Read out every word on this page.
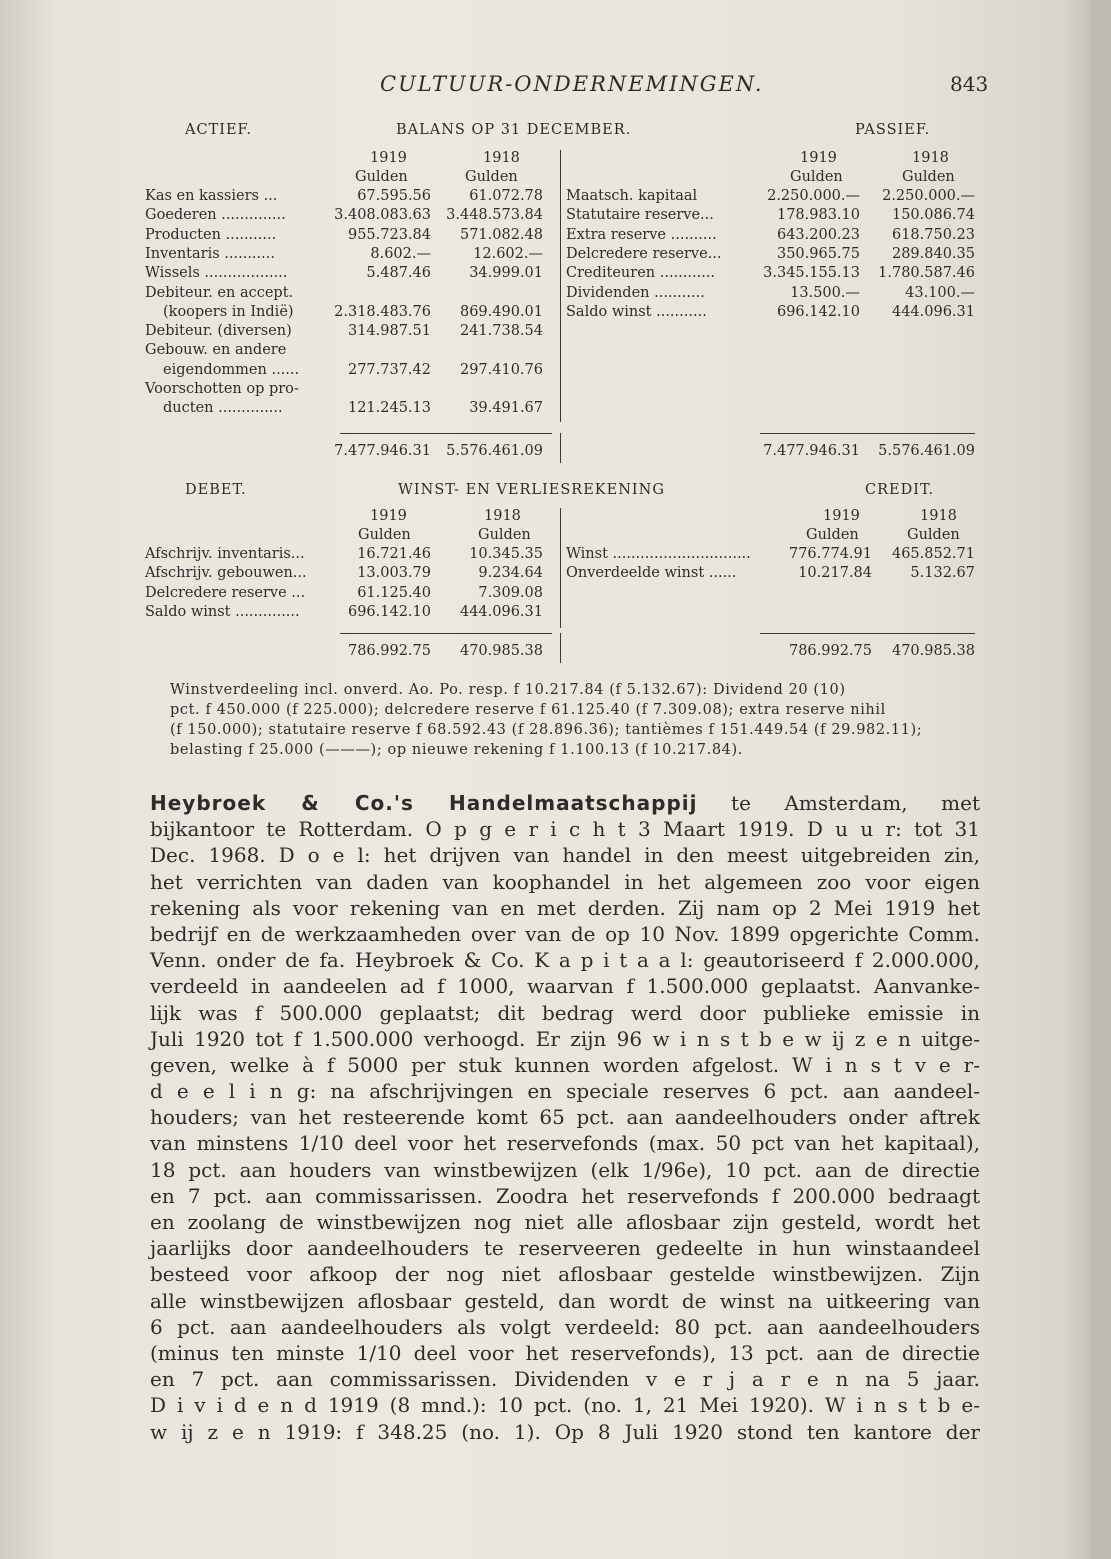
CULTUUR-ONDERNEMINGEN.	843
ACTIEF.	BALANS OP 31 DECEMBER.	PASSIEF.
1919	1918
Gulden	Gulden
1919	1918
Gulden	Gulden
Kas en kassiers ...	67.595.56	61.072.78
Goederen ..............	3.408.083.63	3.448.573.84
Producten ...........	955.723.84	571.082.48
Inventaris ...........	8.602.—	12.602.—
Wissels ..................	5.487.46	34.999.01
Debiteur. en accept.
(koopers in Indië)	2.318.483.76	869.490.01
Debiteur. (diversen)	314.987.51	241.738.54
Gebouw. en andere
eigendommen ......	277.737.42	297.410.76
Voorschotten op pro-
ducten ..............	121.245.13	39.491.67
Maatsch. kapitaal	2.250.000.—	2.250.000.—
Statutaire reserve...	178.983.10	150.086.74
Extra reserve ..........	643.200.23	618.750.23
Delcredere reserve...	350.965.75	289.840.35
Crediteuren ............	3.345.155.13	1.780.587.46
Dividenden ...........	13.500.—	43.100.—
Saldo winst ...........	696.142.10	444.096.31
7.477.946.31	5.576.461.09	7.477.946.31	5.576.461.09
DEBET.	WINST- EN VERLIESREKENING	CREDIT.
1919	1918
Gulden	Gulden
1919	1918
Gulden	Gulden
Afschrijv. inventaris...	16.721.46	10.345.35
Afschrijv. gebouwen...	13.003.79	9.234.64
Delcredere reserve ...	61.125.40	7.309.08
Saldo winst ..............	696.142.10	444.096.31
Winst ..............................	776.774.91	465.852.71
Onverdeelde winst ......	10.217.84	5.132.67
786.992.75	470.985.38	786.992.75	470.985.38
Winstverdeeling incl. onverd. Ao. Po. resp. f 10.217.84 (f 5.132.67): Dividend 20 (10)
pct. f 450.000 (f 225.000); delcredere reserve f 61.125.40 (f 7.309.08); extra reserve nihil
(f 150.000); statutaire reserve f 68.592.43 (f 28.896.36); tantièmes f 151.449.54 (f 29.982.11);
belasting f 25.000 (———); op nieuwe rekening f 1.100.13 (f 10.217.84).
Heybroek & Co.'s Handelmaatschappij te Amsterdam, met
bijkantoor te Rotterdam. O p g e r i c h t 3 Maart 1919. D u u r: tot 31
Dec. 1968. D o e l: het drijven van handel in den meest uitgebreiden zin,
het verrichten van daden van koophandel in het algemeen zoo voor eigen
rekening als voor rekening van en met derden. Zij nam op 2 Mei 1919 het
bedrijf en de werkzaamheden over van de op 10 Nov. 1899 opgerichte Comm.
Venn. onder de fa. Heybroek & Co. K a p i t a a l: geautoriseerd f 2.000.000,
verdeeld in aandeelen ad f 1000, waarvan f 1.500.000 geplaatst. Aanvanke-
lijk was f 500.000 geplaatst; dit bedrag werd door publieke emissie in
Juli 1920 tot f 1.500.000 verhoogd. Er zijn 96 w i n s t b e w ij z e n uitge-
geven, welke à f 5000 per stuk kunnen worden afgelost. W i n s t v e r-
d e e l i n g: na afschrijvingen en speciale reserves 6 pct. aan aandeel-
houders; van het resteerende komt 65 pct. aan aandeelhouders onder aftrek
van minstens 1/10 deel voor het reservefonds (max. 50 pct van het kapitaal),
18 pct. aan houders van winstbewijzen (elk 1/96e), 10 pct. aan de directie
en 7 pct. aan commissarissen. Zoodra het reservefonds f 200.000 bedraagt
en zoolang de winstbewijzen nog niet alle aflosbaar zijn gesteld, wordt het
jaarlijks door aandeelhouders te reserveeren gedeelte in hun winstaandeel
besteed voor afkoop der nog niet aflosbaar gestelde winstbewijzen. Zijn
alle winstbewijzen aflosbaar gesteld, dan wordt de winst na uitkeering van
6 pct. aan aandeelhouders als volgt verdeeld: 80 pct. aan aandeelhouders
(minus ten minste 1/10 deel voor het reservefonds), 13 pct. aan de directie
en 7 pct. aan commissarissen. Dividenden v e r j a r e n na 5 jaar.
D i v i d e n d 1919 (8 mnd.): 10 pct. (no. 1, 21 Mei 1920). W i n s t b e-
w ij z e n 1919: f 348.25 (no. 1). Op 8 Juli 1920 stond ten kantore der
